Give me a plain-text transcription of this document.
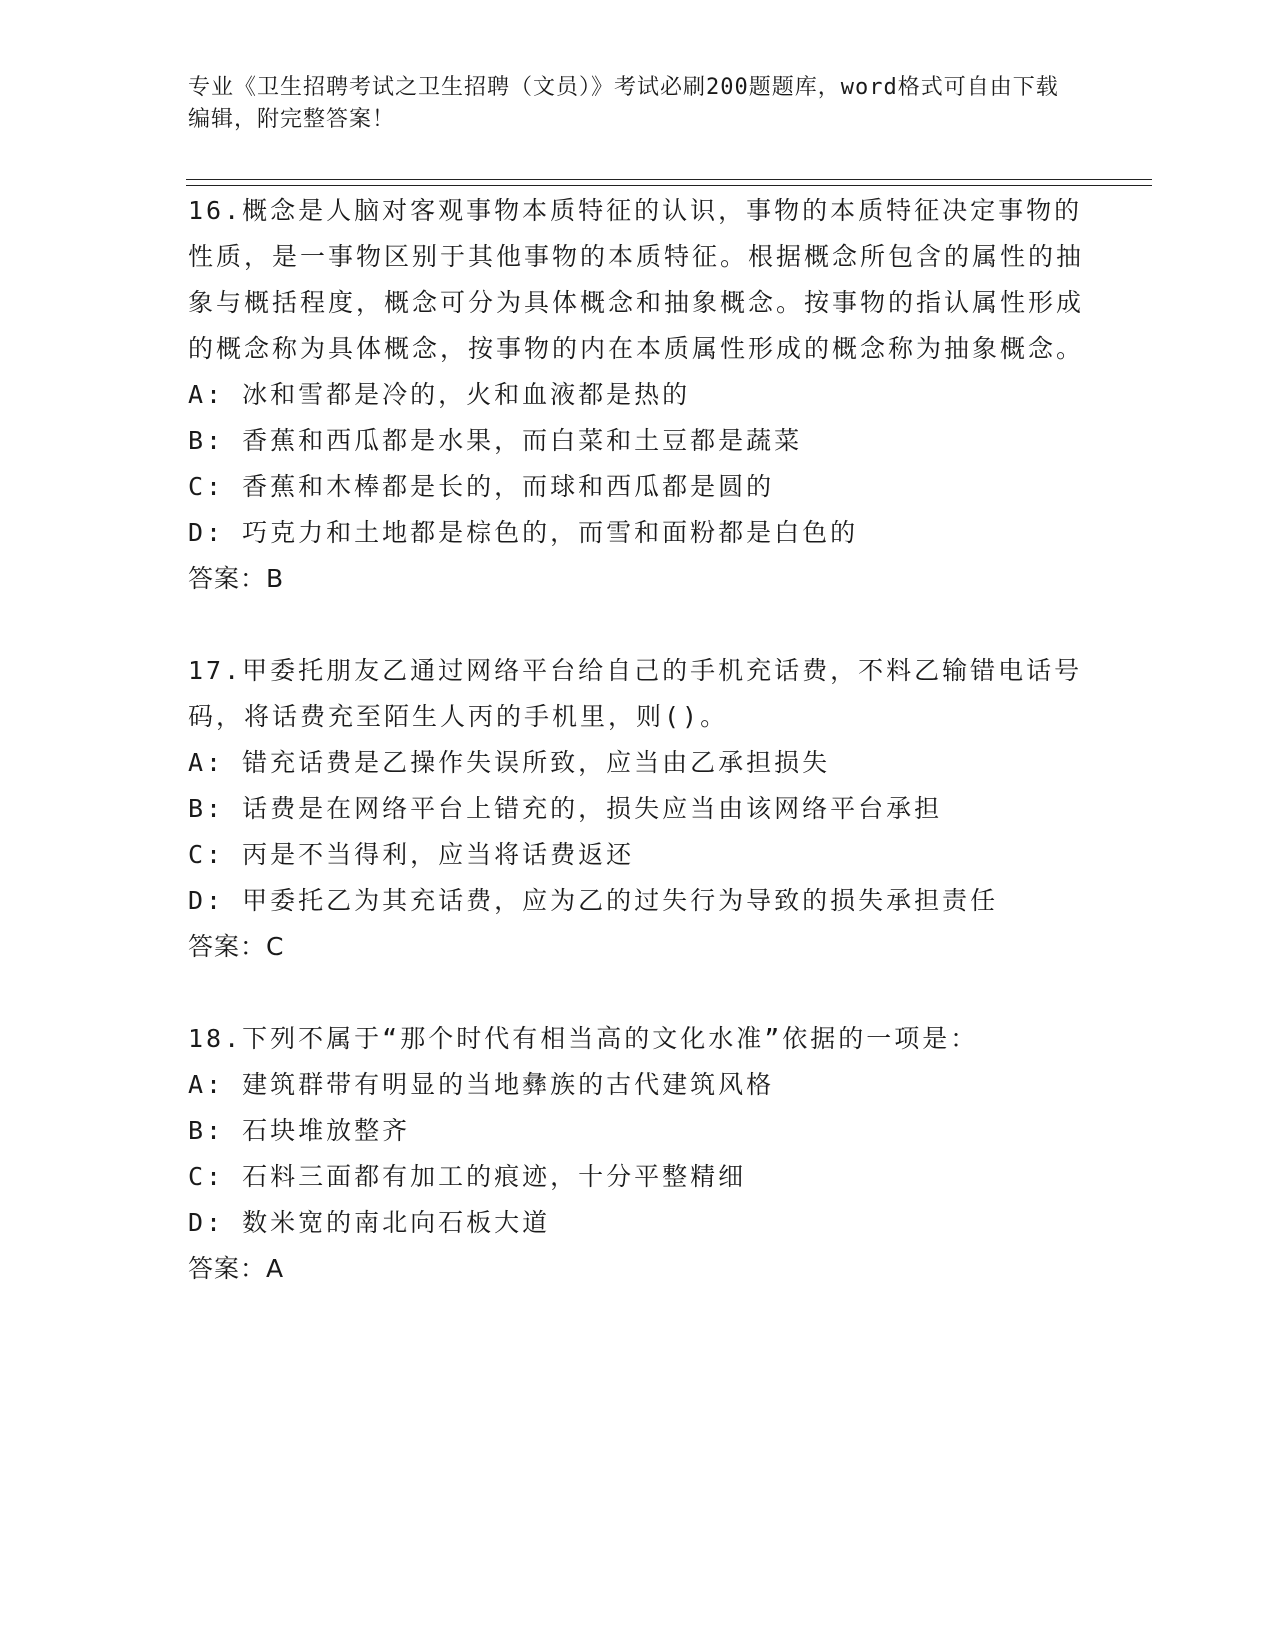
专业《卫生招聘考试之卫生招聘（文员）》考试必刷200题题库，word格式可自由下载编辑，附完整答案！
16.概念是人脑对客观事物本质特征的认识，事物的本质特征决定事物的性质，是一事物区别于其他事物的本质特征。根据概念所包含的属性的抽象与概括程度，概念可分为具体概念和抽象概念。按事物的指认属性形成的概念称为具体概念，按事物的内在本质属性形成的概念称为抽象概念。
A: 冰和雪都是冷的，火和血液都是热的
B: 香蕉和西瓜都是水果，而白菜和土豆都是蔬菜
C: 香蕉和木棒都是长的，而球和西瓜都是圆的
D: 巧克力和土地都是棕色的，而雪和面粉都是白色的
答案：B
17.甲委托朋友乙通过网络平台给自己的手机充话费，不料乙输错电话号码，将话费充至陌生人丙的手机里，则()。
A: 错充话费是乙操作失误所致，应当由乙承担损失
B: 话费是在网络平台上错充的，损失应当由该网络平台承担
C: 丙是不当得利，应当将话费返还
D: 甲委托乙为其充话费，应为乙的过失行为导致的损失承担责任
答案：C
18.下列不属于“那个时代有相当高的文化水准”依据的一项是：
A: 建筑群带有明显的当地彝族的古代建筑风格
B: 石块堆放整齐
C: 石料三面都有加工的痕迹，十分平整精细
D: 数米宽的南北向石板大道
答案：A
